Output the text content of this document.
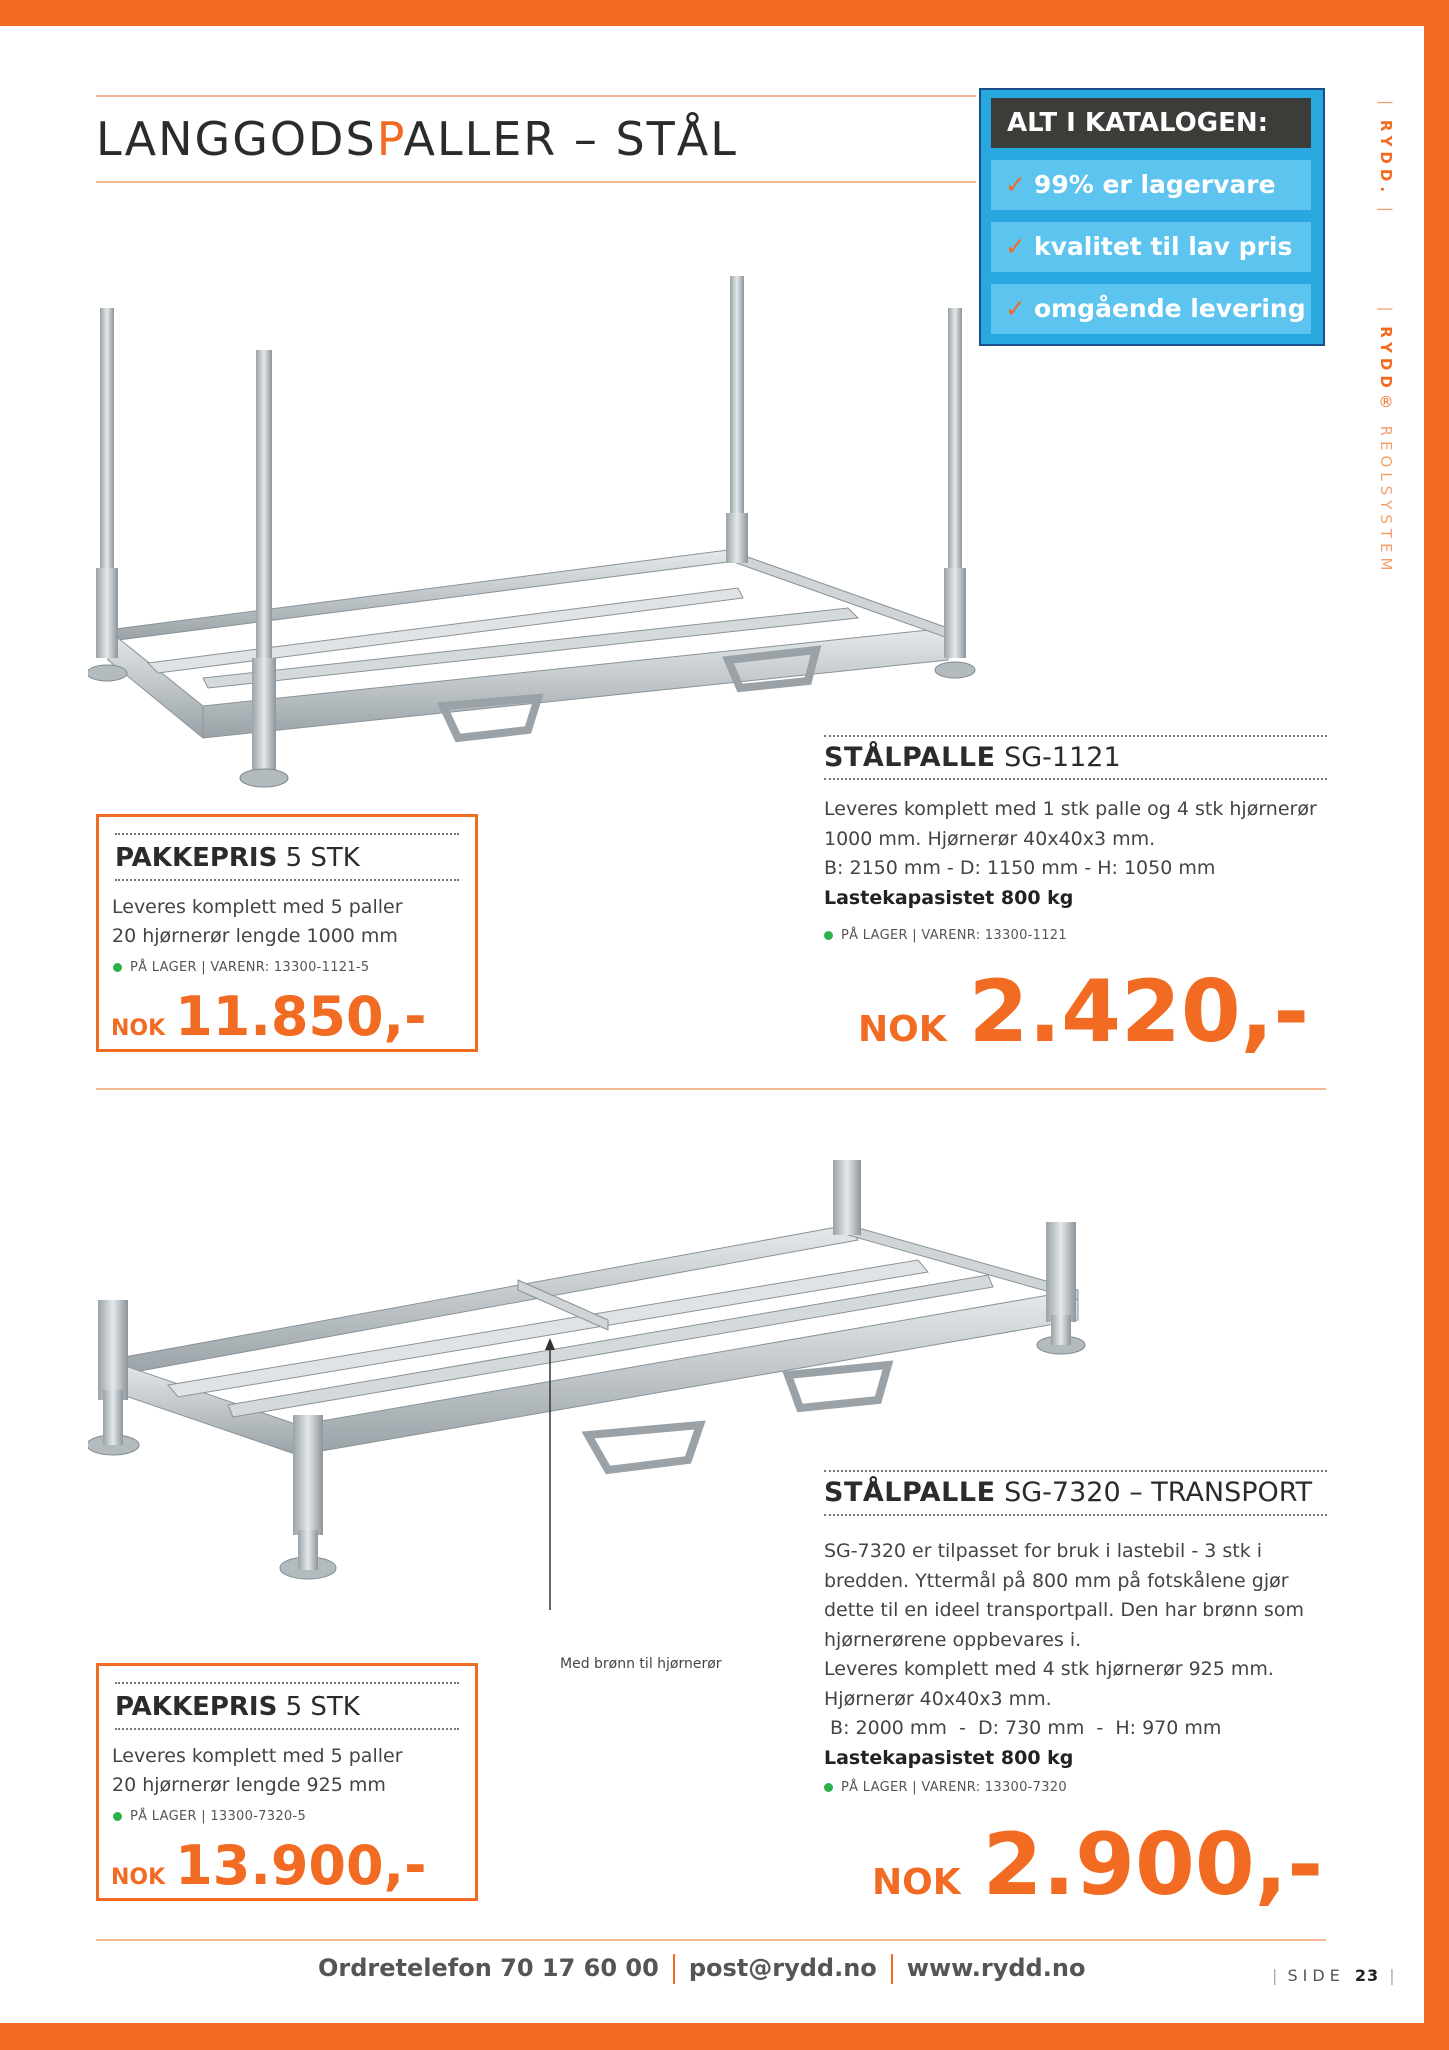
LANGGODSPALLER – STÅL	ALT I KATALOGEN:
✓ 99% er lagervare
✓ kvalitet til lav pris
✓ omgående levering
| RYDD. |  | RYDD® REOLSYSTEM
PAKKEPRIS 5 STK
Leveres komplett med 5 paller
20 hjørnerør lengde 1000 mm
PÅ LAGER | VARENR: 13300-1121-5
NOK 11.850,-
STÅLPALLE SG-1121
Leveres komplett med 1 stk palle og 4 stk hjørnerør
1000 mm. Hjørnerør 40x40x3 mm.
B: 2150 mm - D: 1150 mm - H: 1050 mm
Lastekapasistet 800 kg
PÅ LAGER | VARENR: 13300-1121
NOK 2.420,-
Med brønn til hjørnerør
PAKKEPRIS 5 STK
Leveres komplett med 5 paller
20 hjørnerør lengde 925 mm
PÅ LAGER | 13300-7320-5
NOK 13.900,-
STÅLPALLE SG-7320 – TRANSPORT
SG-7320 er tilpasset for bruk i lastebil - 3 stk i
bredden. Yttermål på 800 mm på fotskålene gjør
dette til en ideel transportpall. Den har brønn som
hjørnerørene oppbevares i.
Leveres komplett med 4 stk hjørnerør 925 mm.
Hjørnerør 40x40x3 mm.
B: 2000 mm  -  D: 730 mm  -  H: 970 mm
Lastekapasistet 800 kg
PÅ LAGER | VARENR: 13300-7320
NOK 2.900,-
Ordretelefon 70 17 60 00 post@rydd.no www.rydd.no	| SIDE 23 |
